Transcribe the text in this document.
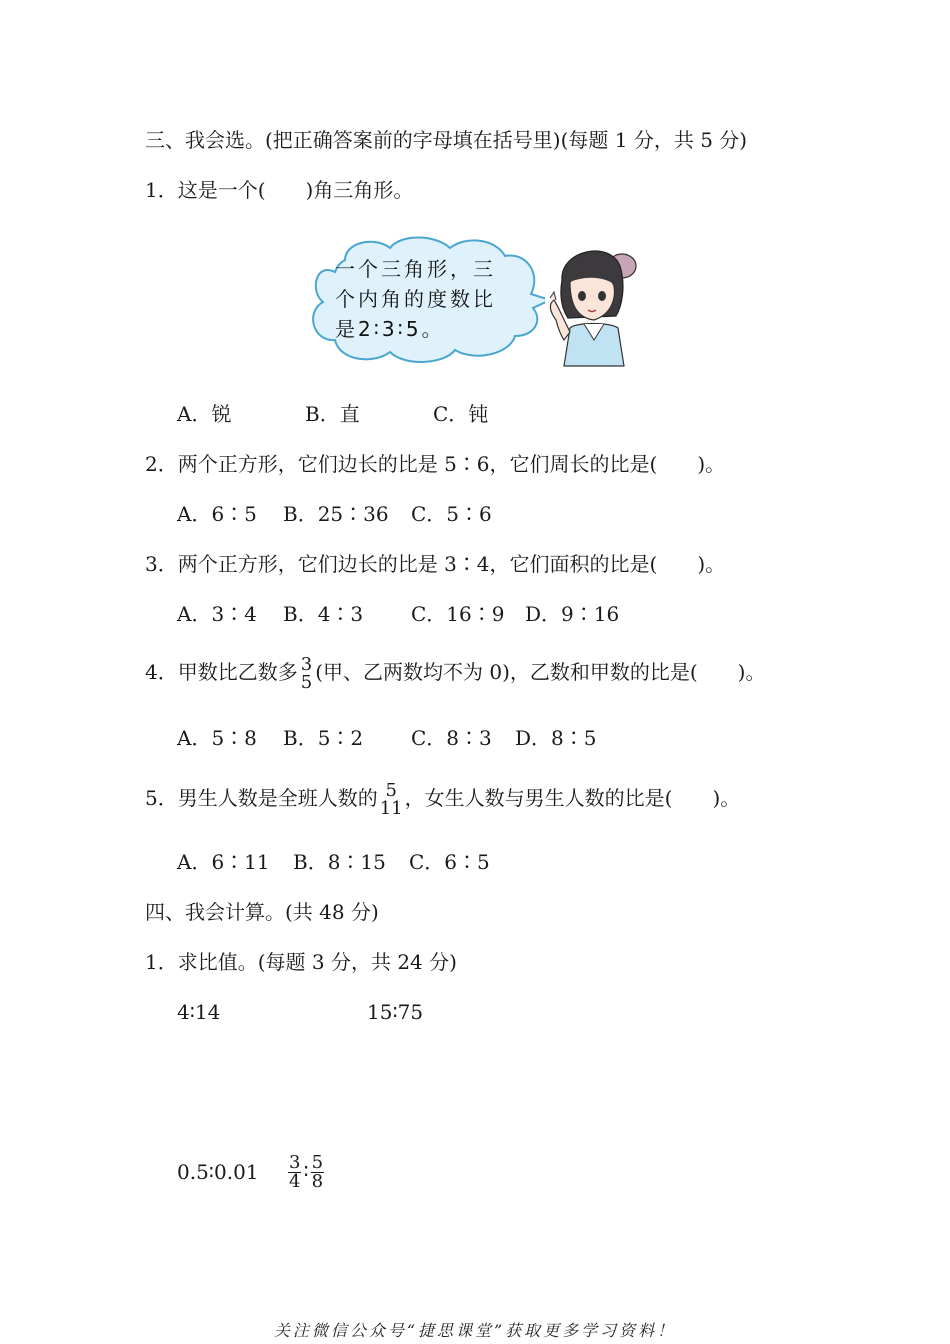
三、我会选。(把正确答案前的字母填在括号里)(每题 1 分，共 5 分)
1．这是一个(　　)角三角形。
一个三角形，三
个内角的度数比
是2∶3∶5。
A．锐	B．直	C．钝
2．两个正方形，它们边长的比是 5∶6，它们周长的比是(　　)。
A．6∶5 B．25∶36 C．5∶6
3．两个正方形，它们边长的比是 3∶4，它们面积的比是(　　)。
A．3∶4 B．4∶3 C．16∶9 D．9∶16
4．甲数比乙数多 3
5 (甲、乙两数均不为 0)，乙数和甲数的比是(　　)。
A．5∶8 B．5∶2 C．8∶3 D．8∶5
5．男生人数是全班人数的 5
11 ，女生人数与男生人数的比是(　　)。
A．6∶11 B．8∶15 C．6∶5
四、我会计算。(共 48 分)
1．求比值。(每题 3 分，共 24 分)
4∶14	15∶75
0.5∶0.01 $\frac{3}{4}$ ∶ $\frac{5}{8}$
关注微信公众号“捷思课堂”获取更多学习资料！
